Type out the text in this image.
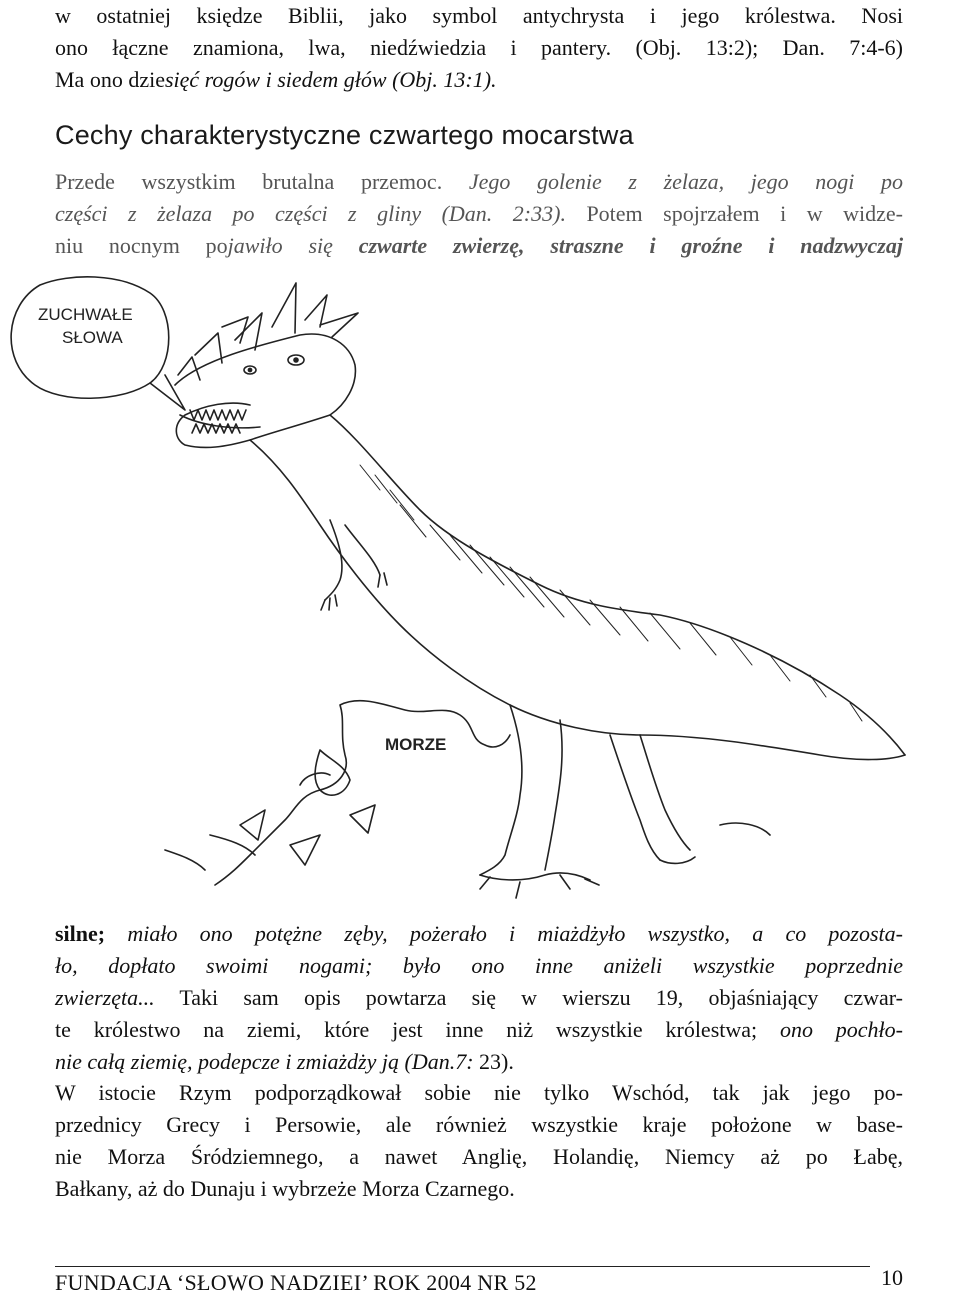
w ostatniej księdze Biblii, jako symbol antychrysta i jego królestwa. Nosi
ono łączne znamiona, lwa, niedźwiedzia i pantery. (Obj. 13:2); Dan. 7:4-6)
Ma ono dziesięć rogów i siedem głów (Obj. 13:1).
Cechy charakterystyczne czwartego mocarstwa
Przede wszystkim brutalna przemoc. Jego golenie z żelaza, jego nogi po
części z żelaza po części z gliny (Dan. 2:33). Potem spojrzałem i w widze-
niu nocnym pojawiło się czwarte zwierzę, straszne i groźne i nadzwyczaj
ZUCHWAŁE
SŁOWA
MORZE
silne; miało ono potężne zęby, pożerało i miażdżyło wszystko, a co pozosta-
ło, dopłato swoimi nogami; było ono inne aniżeli wszystkie poprzednie
zwierzęta... Taki sam opis powtarza się w wierszu 19, objaśniający czwar-
te królestwo na ziemi, które jest inne niż wszystkie królestwa; ono pochło-
nie całą ziemię, podepcze i zmiażdży ją (Dan.7: 23).
W istocie Rzym podporządkował sobie nie tylko Wschód, tak jak jego po-
przednicy Grecy i Persowie, ale również wszystkie kraje położone w base-
nie Morza Śródziemnego, a nawet Anglię, Holandię, Niemcy aż po Łabę,
Bałkany, aż do Dunaju i wybrzeże Morza Czarnego.
FUNDACJA ‘SŁOWO NADZIEI’ ROK 2004 NR 52	10
